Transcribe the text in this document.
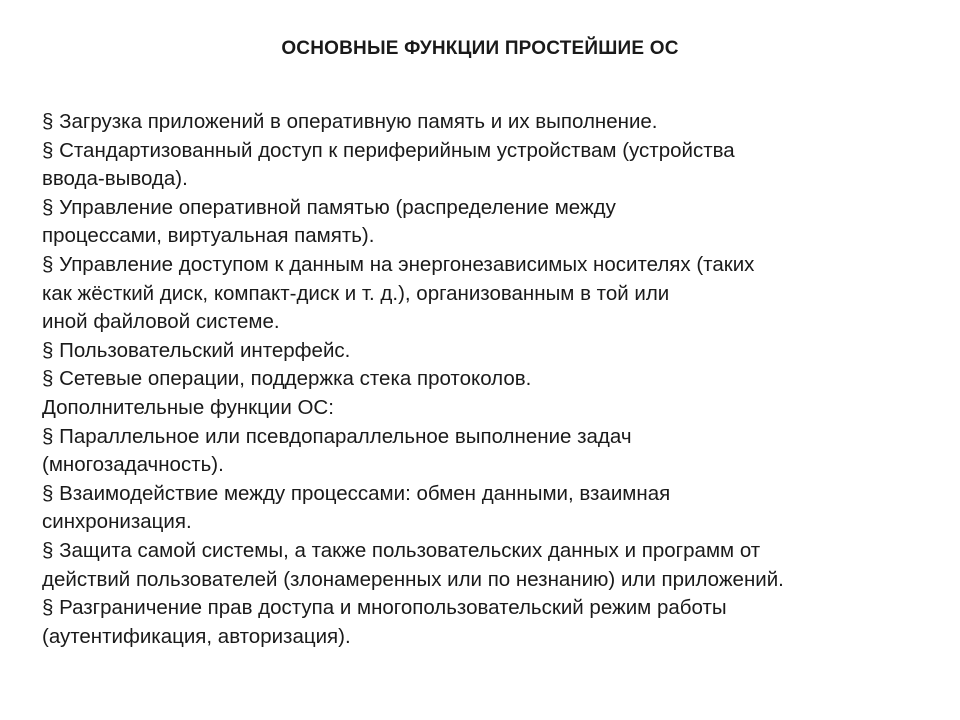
ОСНОВНЫЕ ФУНКЦИИ ПРОСТЕЙШИЕ ОС
§ Загрузка приложений в оперативную память и их выполнение.
§ Стандартизованный доступ к периферийным устройствам (устройства
ввода-вывода).
§ Управление оперативной памятью (распределение между
процессами, виртуальная память).
§ Управление доступом к данным на энергонезависимых носителях (таких
как жёсткий диск, компакт-диск и т. д.), организованным в той или
иной файловой системе.
§ Пользовательский интерфейс.
§ Сетевые операции, поддержка стека протоколов.
Дополнительные функции ОС:
§ Параллельное или псевдопараллельное выполнение задач
(многозадачность).
§ Взаимодействие между процессами: обмен данными, взаимная
синхронизация.
§ Защита самой системы, а также пользовательских данных и программ от
действий пользователей (злонамеренных или по незнанию) или приложений.
§ Разграничение прав доступа и многопользовательский режим работы
(аутентификация, авторизация).
